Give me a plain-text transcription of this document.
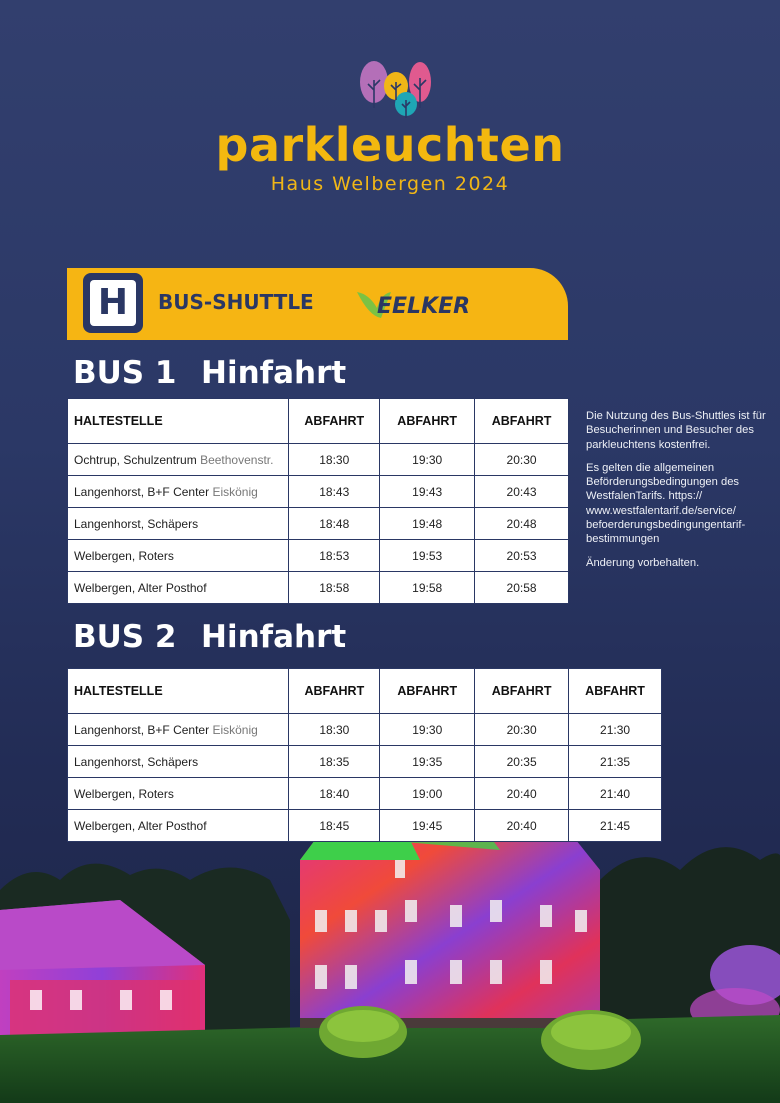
parkleuchten
Haus Welbergen 2024
H	BUS-SHUTTLE	EELKER
BUS 1 Hinfahrt
HALTESTELLE	ABFAHRT	ABFAHRT	ABFAHRT
Ochtrup, Schulzentrum Beethovenstr.	18:30	19:30	20:30
Langenhorst, B+F Center Eiskönig	18:43	19:43	20:43
Langenhorst, Schäpers	18:48	19:48	20:48
Welbergen, Roters	18:53	19:53	20:53
Welbergen, Alter Posthof	18:58	19:58	20:58

Die Nutzung des Bus-Shuttles ist für Besucherinnen und Besucher des parkleuchtens kostenfrei.

Es gelten die allgemeinen Beförderungsbedingungen des WestfalenTarifs. https:// www.westfalentarif.de/service/ befoerderungsbedingungentarif-bestimmungen

Änderung vorbehalten.

BUS 2 Hinfahrt
HALTESTELLE	ABFAHRT	ABFAHRT	ABFAHRT	ABFAHRT
Langenhorst, B+F Center Eiskönig	18:30	19:30	20:30	21:30
Langenhorst, Schäpers	18:35	19:35	20:35	21:35
Welbergen, Roters	18:40	19:00	20:40	21:40
Welbergen, Alter Posthof	18:45	19:45	20:40	21:45
